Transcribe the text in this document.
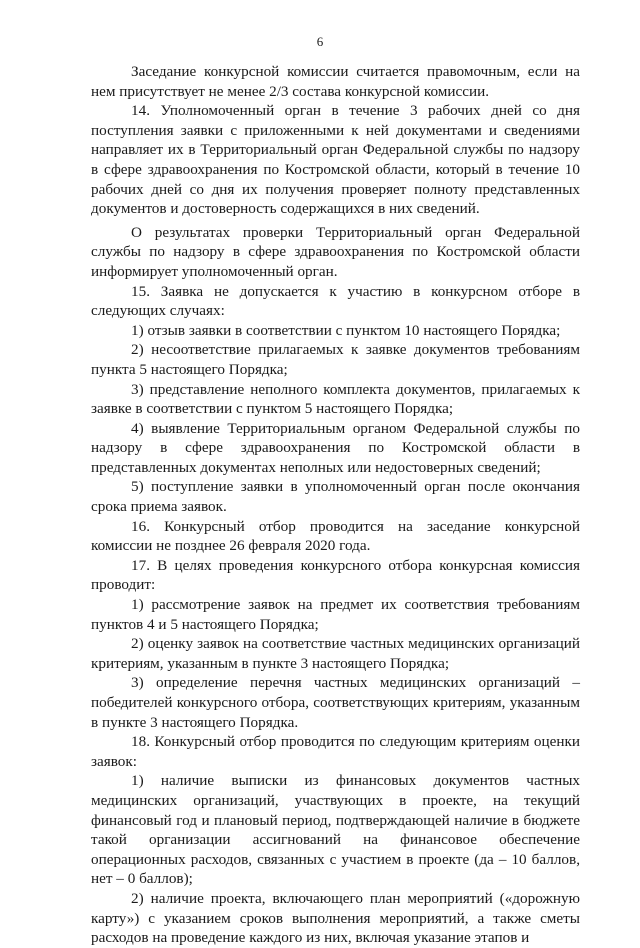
6

Заседание конкурсной комиссии считается правомочным, если на нем присутствует не менее 2/3 состава конкурсной комиссии.

14. Уполномоченный орган в течение 3 рабочих дней со дня поступления заявки с приложенными к ней документами и сведениями направляет их в Территориальный орган Федеральной службы по надзору в сфере здравоохранения по Костромской области, который в течение 10 рабочих дней со дня их получения проверяет полноту представленных документов и достоверность содержащихся в них сведений.

О результатах проверки Территориальный орган Федеральной службы по надзору в сфере здравоохранения по Костромской области информирует уполномоченный орган.

15. Заявка не допускается к участию в конкурсном отборе в следующих случаях:

1) отзыв заявки в соответствии с пунктом 10 настоящего Порядка;

2) несоответствие прилагаемых к заявке документов требованиям пункта 5 настоящего Порядка;

3) представление неполного комплекта документов, прилагаемых к заявке в соответствии с пунктом 5 настоящего Порядка;

4) выявление Территориальным органом Федеральной службы по надзору в сфере здравоохранения по Костромской области в представленных документах неполных или недостоверных сведений;

5) поступление заявки в уполномоченный орган после окончания срока приема заявок.

16. Конкурсный отбор проводится на заседание конкурсной комиссии не позднее 26 февраля 2020 года.

17. В целях проведения конкурсного отбора конкурсная комиссия проводит:

1) рассмотрение заявок на предмет их соответствия требованиям пунктов 4 и 5 настоящего Порядка;

2) оценку заявок на соответствие частных медицинских организаций критериям, указанным в пункте 3 настоящего Порядка;

3) определение перечня частных медицинских организаций – победителей конкурсного отбора, соответствующих критериям, указанным в пункте 3 настоящего Порядка.

18. Конкурсный отбор проводится по следующим критериям оценки заявок:

1) наличие выписки из финансовых документов частных медицинских организаций, участвующих в проекте, на текущий финансовый год и плановый период, подтверждающей наличие в бюджете такой организации ассигнований на финансовое обеспечение операционных расходов, связанных с участием в проекте (да – 10 баллов, нет – 0 баллов);

2) наличие проекта, включающего план мероприятий («дорожную карту») с указанием сроков выполнения мероприятий, а также сметы расходов на проведение каждого из них, включая указание этапов и
